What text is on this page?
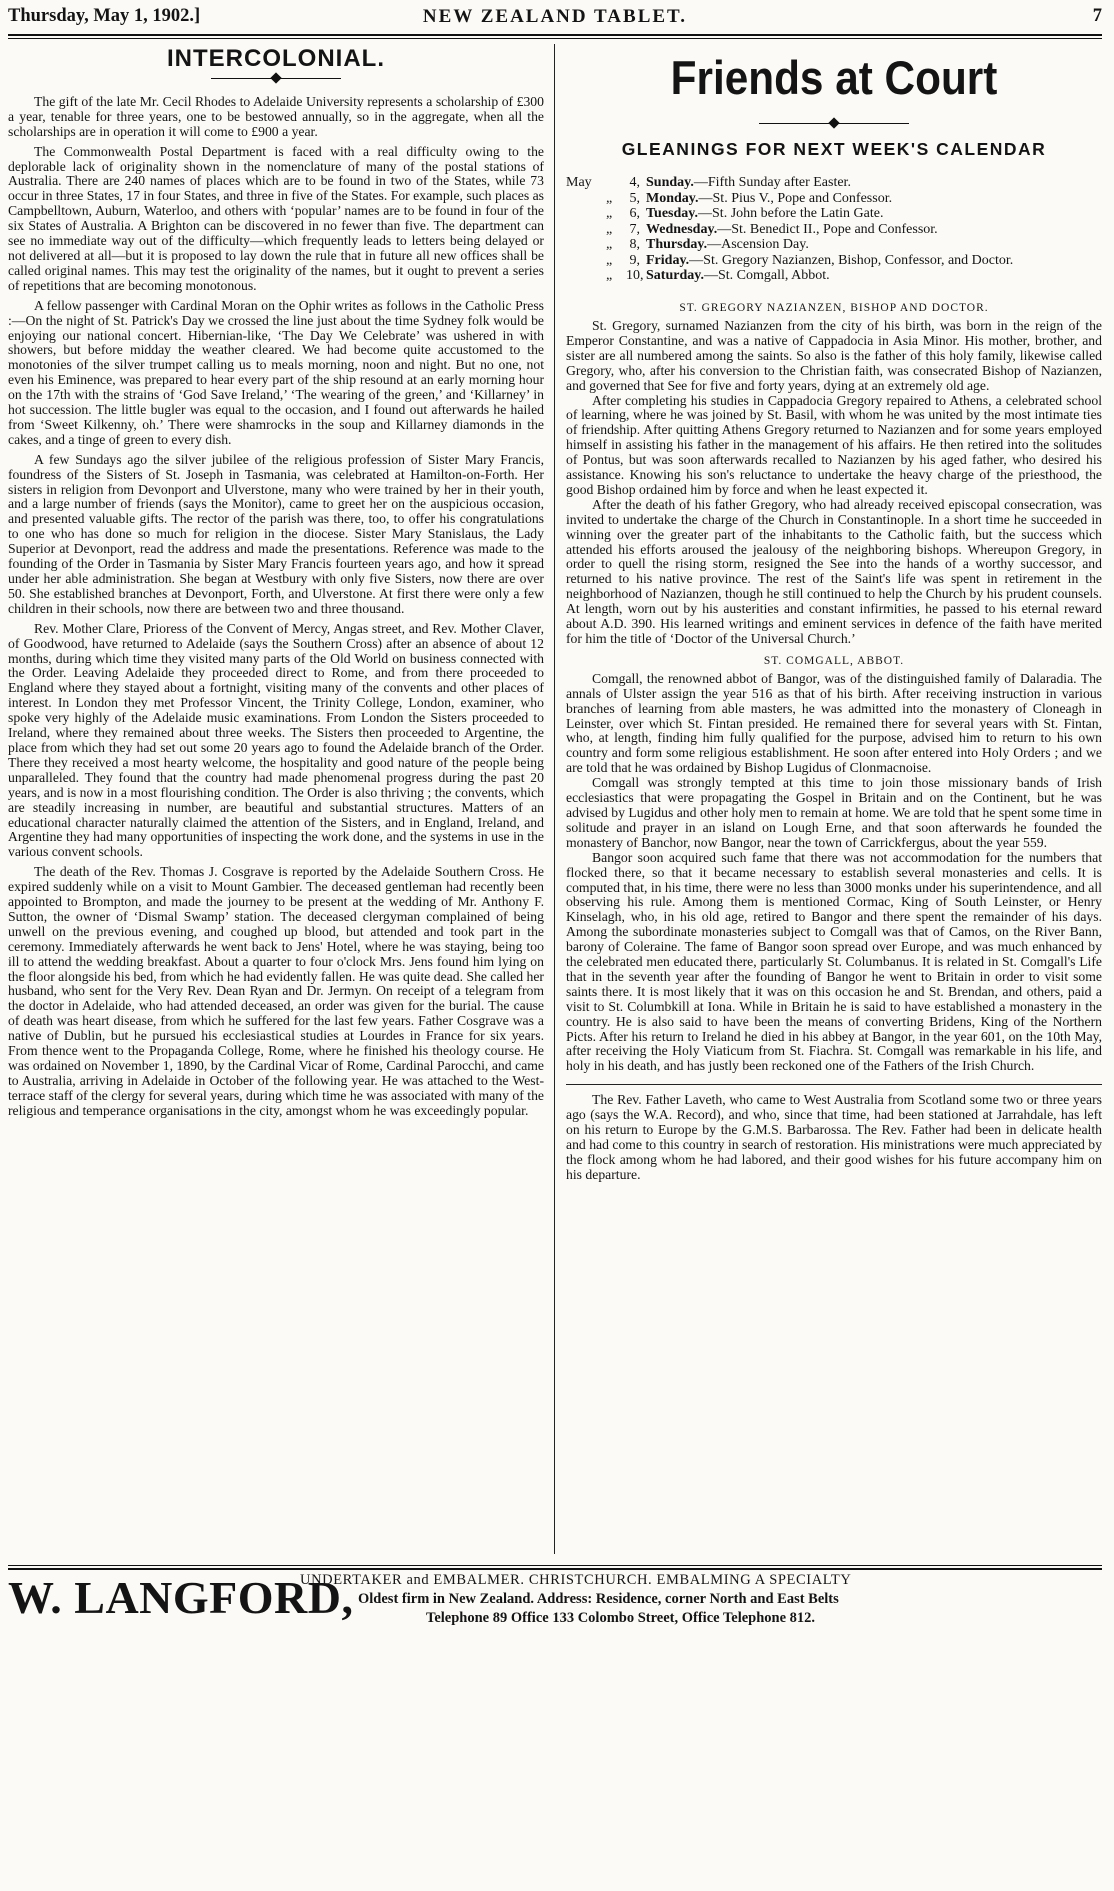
Thursday, May 1, 1902.]	NEW ZEALAND TABLET.	7
INTERCOLONIAL.

The gift of the late Mr. Cecil Rhodes to Adelaide University represents a scholarship of £300 a year, tenable for three years, one to be bestowed annually, so in the aggregate, when all the scholarships are in operation it will come to £900 a year.

The Commonwealth Postal Department is faced with a real difficulty owing to the deplorable lack of originality shown in the nomenclature of many of the postal stations of Australia. There are 240 names of places which are to be found in two of the States, while 73 occur in three States, 17 in four States, and three in five of the States. For example, such places as Campbelltown, Auburn, Waterloo, and others with ‘popular’ names are to be found in four of the six States of Australia. A Brighton can be discovered in no fewer than five. The department can see no immediate way out of the difficulty—which frequently leads to letters being delayed or not delivered at all—but it is proposed to lay down the rule that in future all new offices shall be called original names. This may test the originality of the names, but it ought to prevent a series of repetitions that are becoming monotonous.

A fellow passenger with Cardinal Moran on the Ophir writes as follows in the Catholic Press :—On the night of St. Patrick's Day we crossed the line just about the time Sydney folk would be enjoying our national concert. Hibernian-like, ‘The Day We Celebrate’ was ushered in with showers, but before midday the weather cleared. We had become quite accustomed to the monotonies of the silver trumpet calling us to meals morning, noon and night. But no one, not even his Eminence, was prepared to hear every part of the ship resound at an early morning hour on the 17th with the strains of ‘God Save Ireland,’ ‘The wearing of the green,’ and ‘Killarney’ in hot succession. The little bugler was equal to the occasion, and I found out afterwards he hailed from ‘Sweet Kilkenny, oh.’ There were shamrocks in the soup and Killarney diamonds in the cakes, and a tinge of green to every dish.

A few Sundays ago the silver jubilee of the religious profession of Sister Mary Francis, foundress of the Sisters of St. Joseph in Tasmania, was celebrated at Hamilton-on-Forth. Her sisters in religion from Devonport and Ulverstone, many who were trained by her in their youth, and a large number of friends (says the Monitor), came to greet her on the auspicious occasion, and presented valuable gifts. The rector of the parish was there, too, to offer his congratulations to one who has done so much for religion in the diocese. Sister Mary Stanislaus, the Lady Superior at Devonport, read the address and made the presentations. Reference was made to the founding of the Order in Tasmania by Sister Mary Francis fourteen years ago, and how it spread under her able administration. She began at Westbury with only five Sisters, now there are over 50. She established branches at Devonport, Forth, and Ulverstone. At first there were only a few children in their schools, now there are between two and three thousand.

Rev. Mother Clare, Prioress of the Convent of Mercy, Angas street, and Rev. Mother Claver, of Goodwood, have returned to Adelaide (says the Southern Cross) after an absence of about 12 months, during which time they visited many parts of the Old World on business connected with the Order. Leaving Adelaide they proceeded direct to Rome, and from there proceeded to England where they stayed about a fortnight, visiting many of the convents and other places of interest. In London they met Professor Vincent, the Trinity College, London, examiner, who spoke very highly of the Adelaide music examinations. From London the Sisters proceeded to Ireland, where they remained about three weeks. The Sisters then proceeded to Argentine, the place from which they had set out some 20 years ago to found the Adelaide branch of the Order. There they received a most hearty welcome, the hospitality and good nature of the people being unparalleled. They found that the country had made phenomenal progress during the past 20 years, and is now in a most flourishing condition. The Order is also thriving ; the convents, which are steadily increasing in number, are beautiful and substantial structures. Matters of an educational character naturally claimed the attention of the Sisters, and in England, Ireland, and Argentine they had many opportunities of inspecting the work done, and the systems in use in the various convent schools.

The death of the Rev. Thomas J. Cosgrave is reported by the Adelaide Southern Cross. He expired suddenly while on a visit to Mount Gambier. The deceased gentleman had recently been appointed to Brompton, and made the journey to be present at the wedding of Mr. Anthony F. Sutton, the owner of ‘Dismal Swamp’ station. The deceased clergyman complained of being unwell on the previous evening, and coughed up blood, but attended and took part in the ceremony. Immediately afterwards he went back to Jens' Hotel, where he was staying, being too ill to attend the wedding breakfast. About a quarter to four o'clock Mrs. Jens found him lying on the floor alongside his bed, from which he had evidently fallen. He was quite dead. She called her husband, who sent for the Very Rev. Dean Ryan and Dr. Jermyn. On receipt of a telegram from the doctor in Adelaide, who had attended deceased, an order was given for the burial. The cause of death was heart disease, from which he suffered for the last few years. Father Cosgrave was a native of Dublin, but he pursued his ecclesiastical studies at Lourdes in France for six years. From thence went to the Propaganda College, Rome, where he finished his theology course. He was ordained on November 1, 1890, by the Cardinal Vicar of Rome, Cardinal Parocchi, and came to Australia, arriving in Adelaide in October of the following year. He was attached to the West-terrace staff of the clergy for several years, during which time he was associated with many of the religious and temperance organisations in the city, amongst whom he was exceedingly popular.

Friends at Court
GLEANINGS FOR NEXT WEEK'S CALENDAR
May	4, Sunday.—Fifth Sunday after Easter.
„	5, Monday.—St. Pius V., Pope and Confessor.
„	6, Tuesday.—St. John before the Latin Gate.
„	7, Wednesday.—St. Benedict II., Pope and Confessor.
„	8, Thursday.—Ascension Day.
„	9, Friday.—St. Gregory Nazianzen, Bishop, Confessor, and Doctor.
„ 10, Saturday.—St. Comgall, Abbot.
ST. GREGORY NAZIANZEN, BISHOP AND DOCTOR.

St. Gregory, surnamed Nazianzen from the city of his birth, was born in the reign of the Emperor Constantine, and was a native of Cappadocia in Asia Minor. His mother, brother, and sister are all numbered among the saints. So also is the father of this holy family, likewise called Gregory, who, after his conversion to the Christian faith, was consecrated Bishop of Nazianzen, and governed that See for five and forty years, dying at an extremely old age.

After completing his studies in Cappadocia Gregory repaired to Athens, a celebrated school of learning, where he was joined by St. Basil, with whom he was united by the most intimate ties of friendship. After quitting Athens Gregory returned to Nazianzen and for some years employed himself in assisting his father in the management of his affairs. He then retired into the solitudes of Pontus, but was soon afterwards recalled to Nazianzen by his aged father, who desired his assistance. Knowing his son's reluctance to undertake the heavy charge of the priesthood, the good Bishop ordained him by force and when he least expected it.

After the death of his father Gregory, who had already received episcopal consecration, was invited to undertake the charge of the Church in Constantinople. In a short time he succeeded in winning over the greater part of the inhabitants to the Catholic faith, but the success which attended his efforts aroused the jealousy of the neighboring bishops. Whereupon Gregory, in order to quell the rising storm, resigned the See into the hands of a worthy successor, and returned to his native province. The rest of the Saint's life was spent in retirement in the neighborhood of Nazianzen, though he still continued to help the Church by his prudent counsels. At length, worn out by his austerities and constant infirmities, he passed to his eternal reward about A.D. 390. His learned writings and eminent services in defence of the faith have merited for him the title of ‘Doctor of the Universal Church.’

ST. COMGALL, ABBOT.

Comgall, the renowned abbot of Bangor, was of the distinguished family of Dalaradia. The annals of Ulster assign the year 516 as that of his birth. After receiving instruction in various branches of learning from able masters, he was admitted into the monastery of Cloneagh in Leinster, over which St. Fintan presided. He remained there for several years with St. Fintan, who, at length, finding him fully qualified for the purpose, advised him to return to his own country and form some religious establishment. He soon after entered into Holy Orders ; and we are told that he was ordained by Bishop Lugidus of Clonmacnoise.

Comgall was strongly tempted at this time to join those missionary bands of Irish ecclesiastics that were propagating the Gospel in Britain and on the Continent, but he was advised by Lugidus and other holy men to remain at home. We are told that he spent some time in solitude and prayer in an island on Lough Erne, and that soon afterwards he founded the monastery of Banchor, now Bangor, near the town of Carrickfergus, about the year 559.

Bangor soon acquired such fame that there was not accommodation for the numbers that flocked there, so that it became necessary to establish several monasteries and cells. It is computed that, in his time, there were no less than 3000 monks under his superintendence, and all observing his rule. Among them is mentioned Cormac, King of South Leinster, or Henry Kinselagh, who, in his old age, retired to Bangor and there spent the remainder of his days. Among the subordinate monasteries subject to Comgall was that of Camos, on the River Bann, barony of Coleraine. The fame of Bangor soon spread over Europe, and was much enhanced by the celebrated men educated there, particularly St. Columbanus. It is related in St. Comgall's Life that in the seventh year after the founding of Bangor he went to Britain in order to visit some saints there. It is most likely that it was on this occasion he and St. Brendan, and others, paid a visit to St. Columbkill at Iona. While in Britain he is said to have established a monastery in the country. He is also said to have been the means of converting Bridens, King of the Northern Picts. After his return to Ireland he died in his abbey at Bangor, in the year 601, on the 10th May, after receiving the Holy Viaticum from St. Fiachra. St. Comgall was remarkable in his life, and holy in his death, and has justly been reckoned one of the Fathers of the Irish Church.

The Rev. Father Laveth, who came to West Australia from Scotland some two or three years ago (says the W.A. Record), and who, since that time, had been stationed at Jarrahdale, has left on his return to Europe by the G.M.S. Barbarossa. The Rev. Father had been in delicate health and had come to this country in search of restoration. His ministrations were much appreciated by the flock among whom he had labored, and their good wishes for his future accompany him on his departure.

W. LANGFORD,
UNDERTAKER and EMBALMER. CHRISTCHURCH. EMBALMING A SPECIALTY
Oldest firm in New Zealand. Address: Residence, corner North and East Belts
Telephone 89 Office 133 Colombo Street, Office Telephone 812.
